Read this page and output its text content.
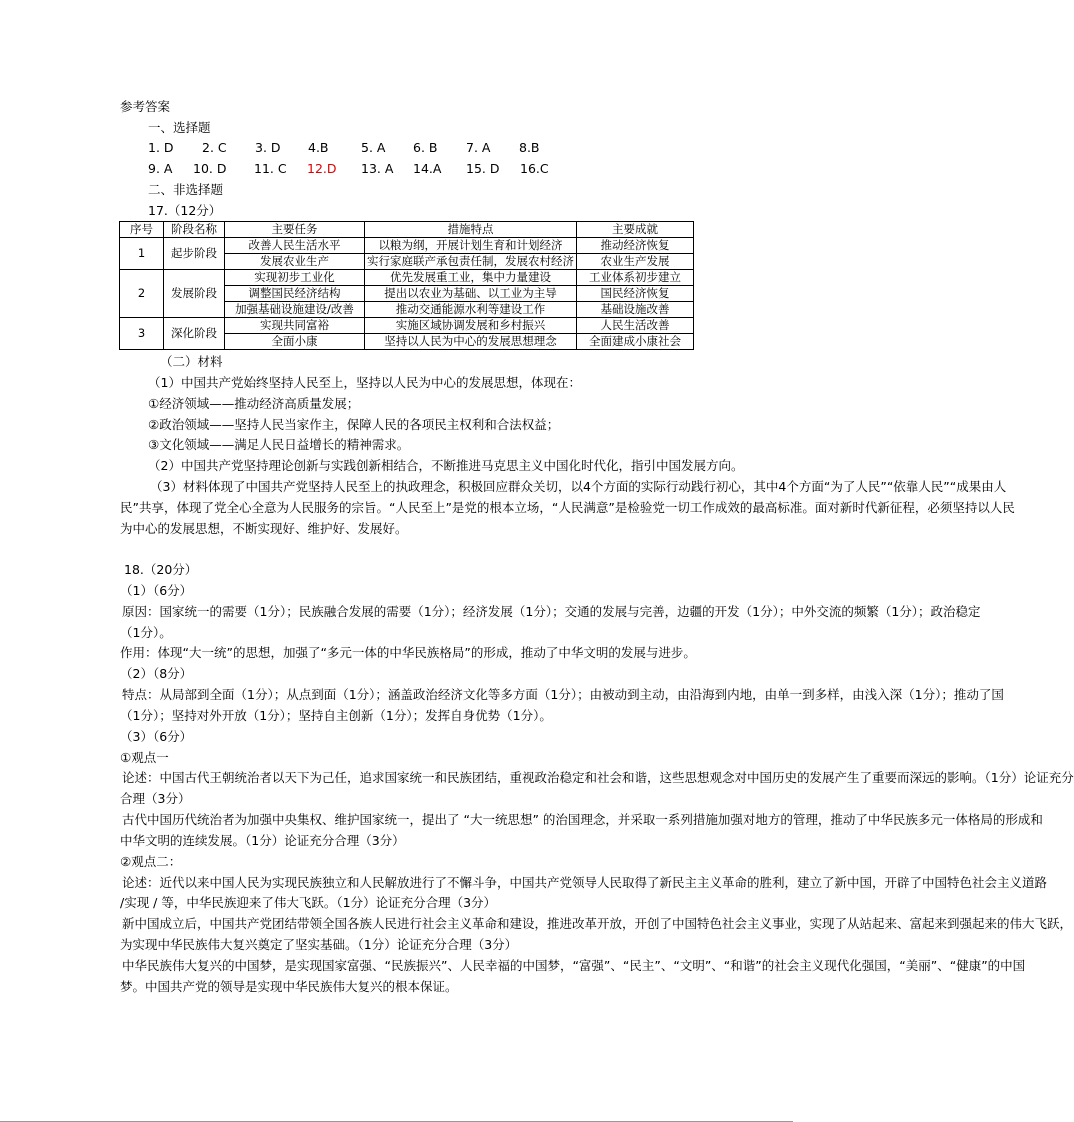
参考答案
一、选择题
1. D 2. C 3. D 4.B	5. A 6. B 7. A 8.B
9. A 10. D 11. C 12.D 13. A 14.A 15. D 16.C
二、非选择题
17.（12分）
序号	阶段名称	主要任务	措施特点	主要成就
1	起步阶段	改善人民生活水平	以粮为纲，开展计划生育和计划经济	推动经济恢复
		发展农业生产	实行家庭联产承包责任制，发展农村经济	农业生产发展
2	发展阶段	实现初步工业化	优先发展重工业，集中力量建设	工业体系初步建立
		调整国民经济结构	提出以农业为基础、以工业为主导	国民经济恢复
		加强基础设施建设/改善	推动交通能源水利等建设工作	基础设施改善
3	深化阶段	实现共同富裕	实施区域协调发展和乡村振兴	人民生活改善
		全面小康	坚持以人民为中心的发展思想理念	全面建成小康社会
（二）材料
（1）中国共产党始终坚持人民至上，坚持以人民为中心的发展思想，体现在：
①经济领域——推动经济高质量发展；
②政治领域——坚持人民当家作主，保障人民的各项民主权利和合法权益；
③文化领域——满足人民日益增长的精神需求。
（2）中国共产党坚持理论创新与实践创新相结合，不断推进马克思主义中国化时代化，指引中国发展方向。
（3）材料体现了中国共产党坚持人民至上的执政理念，积极回应群众关切，以4个方面的实际行动践行初心，其中4个方面“为了人民”“依靠人民”“成果由人
民”共享，体现了党全心全意为人民服务的宗旨。“人民至上”是党的根本立场，“人民满意”是检验党一切工作成效的最高标准。面对新时代新征程，必须坚持以人民
为中心的发展思想，不断实现好、维护好、发展好。
18.（20分）
（1）（6分）
原因：国家统一的需要（1分）；民族融合发展的需要（1分）；经济发展（1分）；交通的发展与完善，边疆的开发（1分）；中外交流的频繁（1分）；政治稳定
（1分）。
作用：体现“大一统”的思想，加强了“多元一体的中华民族格局”的形成，推动了中华文明的发展与进步。
（2）（8分）
特点：从局部到全面（1分）；从点到面（1分）；涵盖政治经济文化等多方面（1分）；由被动到主动，由沿海到内地，由单一到多样，由浅入深（1分）；推动了国
（1分）；坚持对外开放（1分）；坚持自主创新（1分）；发挥自身优势（1分）。
（3）（6分）
①观点一
论述：中国古代王朝统治者以天下为己任，追求国家统一和民族团结，重视政治稳定和社会和谐，这些思想观念对中国历史的发展产生了重要而深远的影响。（1分）论证充分
合理（3分）
古代中国历代统治者为加强中央集权、维护国家统一，提出了 “大一统思想” 的治国理念，并采取一系列措施加强对地方的管理，推动了中华民族多元一体格局的形成和
中华文明的连续发展。（1分）论证充分合理（3分）
②观点二：
论述：近代以来中国人民为实现民族独立和人民解放进行了不懈斗争，中国共产党领导人民取得了新民主主义革命的胜利，建立了新中国，开辟了中国特色社会主义道路
/实现 / 等，中华民族迎来了伟大飞跃。（1分）论证充分合理（3分）
新中国成立后，中国共产党团结带领全国各族人民进行社会主义革命和建设，推进改革开放，开创了中国特色社会主义事业，实现了从站起来、富起来到强起来的伟大飞跃，
为实现中华民族伟大复兴奠定了坚实基础。（1分）论证充分合理（3分）
中华民族伟大复兴的中国梦，是实现国家富强、“民族振兴”、人民幸福的中国梦，“富强”、“民主”、“文明”、“和谐”的社会主义现代化强国，“美丽”、“健康”的中国
梦。中国共产党的领导是实现中华民族伟大复兴的根本保证。
